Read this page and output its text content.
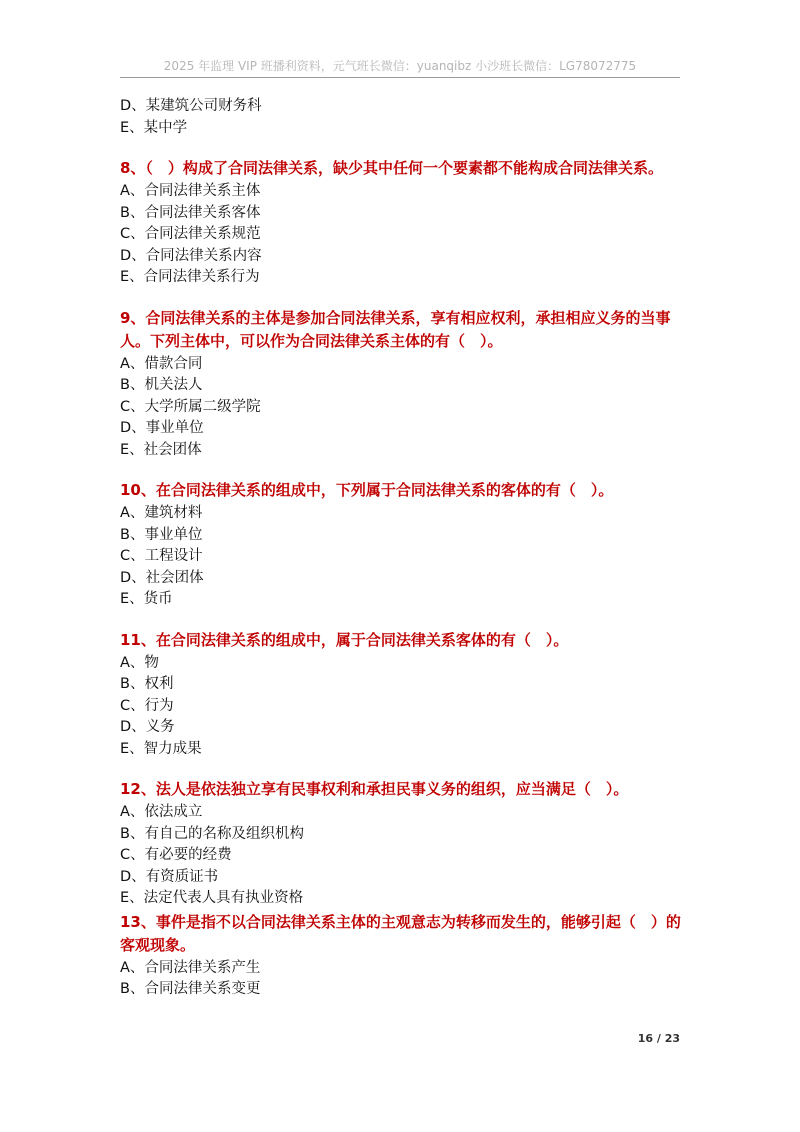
2025 年监理 VIP 班播利资料，元气班长微信：yuanqibz 小沙班长微信：LG78072775

D、某建筑公司财务科

E、某中学

8、（　）构成了合同法律关系，缺少其中任何一个要素都不能构成合同法律关系。

A、合同法律关系主体

B、合同法律关系客体

C、合同法律关系规范

D、合同法律关系内容

E、合同法律关系行为

9、合同法律关系的主体是参加合同法律关系，享有相应权利，承担相应义务的当事人。下列主体中，可以作为合同法律关系主体的有（　）。

A、借款合同

B、机关法人

C、大学所属二级学院

D、事业单位

E、社会团体

10、在合同法律关系的组成中，下列属于合同法律关系的客体的有（　）。

A、建筑材料

B、事业单位

C、工程设计

D、社会团体

E、货币

11、在合同法律关系的组成中，属于合同法律关系客体的有（　）。

A、物

B、权利

C、行为

D、义务

E、智力成果

12、法人是依法独立享有民事权利和承担民事义务的组织，应当满足（　）。

A、依法成立

B、有自己的名称及组织机构

C、有必要的经费

D、有资质证书

E、法定代表人具有执业资格

13、事件是指不以合同法律关系主体的主观意志为转移而发生的，能够引起（　）的客观现象。

A、合同法律关系产生

B、合同法律关系变更

16 / 23
